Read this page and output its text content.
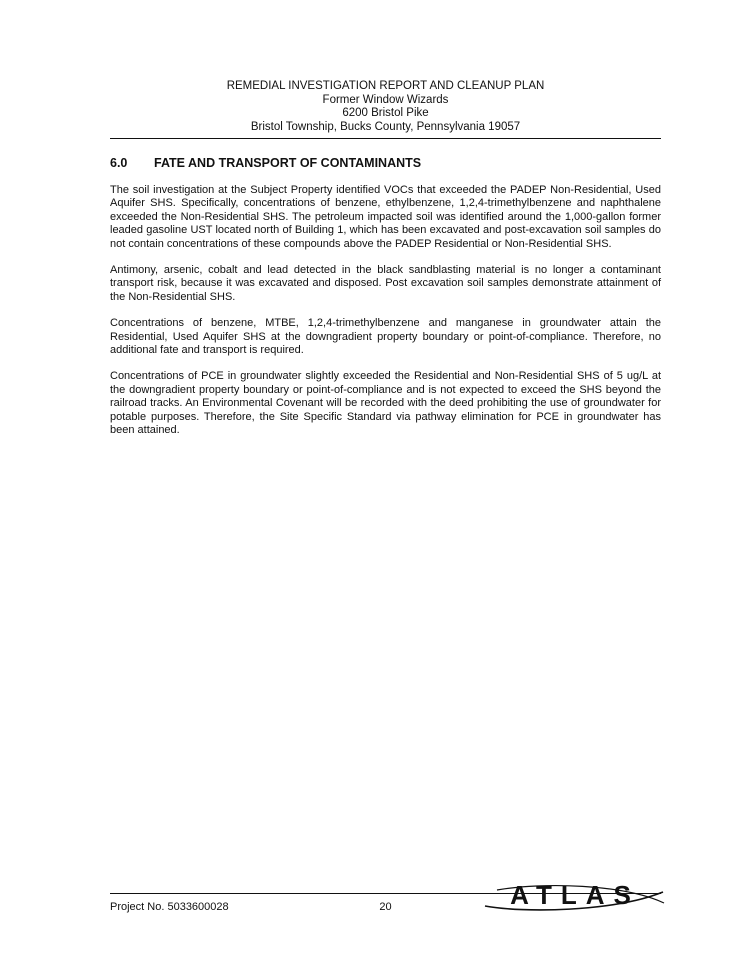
REMEDIAL INVESTIGATION REPORT AND CLEANUP PLAN
Former Window Wizards
6200 Bristol Pike
Bristol Township, Bucks County, Pennsylvania 19057
6.0	FATE AND TRANSPORT OF CONTAMINANTS

The soil investigation at the Subject Property identified VOCs that exceeded the PADEP Non-Residential, Used Aquifer SHS. Specifically, concentrations of benzene, ethylbenzene, 1,2,4-trimethylbenzene and naphthalene exceeded the Non-Residential SHS. The petroleum impacted soil was identified around the 1,000-gallon former leaded gasoline UST located north of Building 1, which has been excavated and post-excavation soil samples do not contain concentrations of these compounds above the PADEP Residential or Non-Residential SHS.

Antimony, arsenic, cobalt and lead detected in the black sandblasting material is no longer a contaminant transport risk, because it was excavated and disposed. Post excavation soil samples demonstrate attainment of the Non-Residential SHS.

Concentrations of benzene, MTBE, 1,2,4-trimethylbenzene and manganese in groundwater attain the Residential, Used Aquifer SHS at the downgradient property boundary or point-of-compliance. Therefore, no additional fate and transport is required.

Concentrations of PCE in groundwater slightly exceeded the Residential and Non-Residential SHS of 5 ug/L at the downgradient property boundary or point-of-compliance and is not expected to exceed the SHS beyond the railroad tracks. An Environmental Covenant will be recorded with the deed prohibiting the use of groundwater for potable purposes. Therefore, the Site Specific Standard via pathway elimination for PCE in groundwater has been attained.

Project No. 5033600028	20	ATLAS
